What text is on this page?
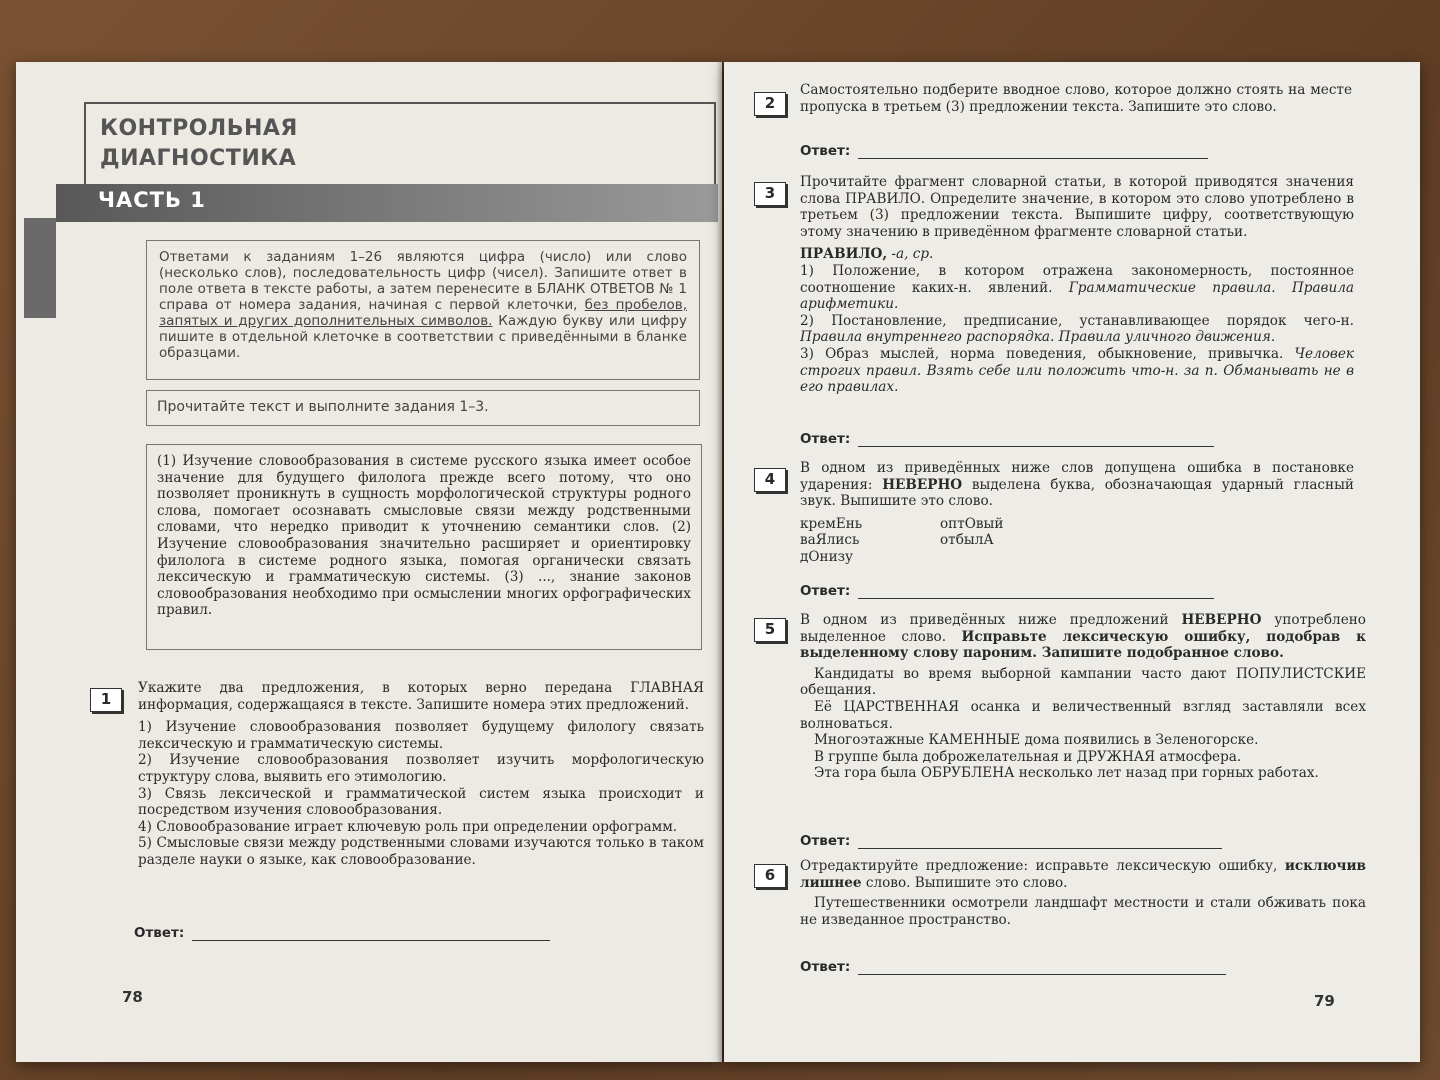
КОНТРОЛЬНАЯ
ДИАГНОСТИКА
ЧАСТЬ 1
Ответами к заданиям 1–26 являются цифра (число) или слово (несколько слов), последовательность цифр (чисел). Запишите ответ в поле ответа в тексте работы, а затем перенесите в БЛАНК ОТВЕТОВ № 1 справа от номера задания, начиная с первой клеточки, без пробелов, запятых и других дополнительных символов. Каждую букву или цифру пишите в отдельной клеточке в соответствии с приведёнными в бланке образцами.
Прочитайте текст и выполните задания 1–3.
(1) Изучение словообразования в системе русского языка имеет особое значение для будущего филолога прежде всего потому, что оно позволяет проникнуть в сущность морфологической структуры родного слова, помогает осознавать смысловые связи между родственными словами, что нередко приводит к уточнению семантики слов. (2) Изучение словообразования значительно расширяет и ориентировку филолога в системе родного языка, помогая органически связать лексическую и грамматическую системы. (3) ..., знание законов словообразования необходимо при осмыслении многих орфографических правил.
1

Укажите два предложения, в которых верно передана ГЛАВНАЯ информация, содержащаяся в тексте. Запишите номера этих предложений.

1) Изучение словообразования позволяет будущему филологу связать лексическую и грамматическую системы.

2) Изучение словообразования позволяет изучить морфологическую структуру слова, выявить его этимологию.

3) Связь лексической и грамматической систем языка происходит и посредством изучения словообразования.

4) Словообразование играет ключевую роль при определении орфограмм.

5) Смысловые связи между родственными словами изучаются только в таком разделе науки о языке, как словообразование.

Ответ:
78
2

Самостоятельно подберите вводное слово, которое должно стоять на месте пропуска в третьем (3) предложении текста. Запишите это слово.

Ответ:
3

Прочитайте фрагмент словарной статьи, в которой приводятся значения слова ПРАВИЛО. Определите значение, в котором это слово употреблено в третьем (3) предложении текста. Выпишите цифру, соответствующую этому значению в приведённом фрагменте словарной статьи.

ПРАВИЛО, -а, ср.

1) Положение, в котором отражена закономерность, постоянное соотношение каких-н. явлений. Грамматические правила. Правила арифметики.

2) Постановление, предписание, устанавливающее порядок чего-н. Правила внутреннего распорядка. Правила уличного движения.

3) Образ мыслей, норма поведения, обыкновение, привычка. Человек строгих правил. Взять себе или положить что-н. за п. Обманывать не в его правилах.

Ответ:
4

В одном из приведённых ниже слов допущена ошибка в постановке ударения: НЕВЕРНО выделена буква, обозначающая ударный гласный звук. Выпишите это слово.

кремЕнь
ваЯлись
дОнизу
оптОвый
отбылА
Ответ:
5	В одном из приведённых ниже предложений НЕВЕРНО употреблено выделенное слово. Исправьте лексическую ошибку, подобрав к выделенному слову пароним. Запишите подобранное слово.

Кандидаты во время выборной кампании часто дают ПОПУЛИСТСКИЕ обещания.

Её ЦАРСТВЕННАЯ осанка и величественный взгляд заставляли всех волноваться.

Многоэтажные КАМЕННЫЕ дома появились в Зеленогорске.

В группе была доброжелательная и ДРУЖНАЯ атмосфера.

Эта гора была ОБРУБЛЕНА несколько лет назад при горных работах.

Ответ:
6	Отредактируйте предложение: исправьте лексическую ошибку, исключив лишнее слово. Выпишите это слово.

Путешественники осмотрели ландшафт местности и стали обживать пока не изведанное пространство.

Ответ:
79
